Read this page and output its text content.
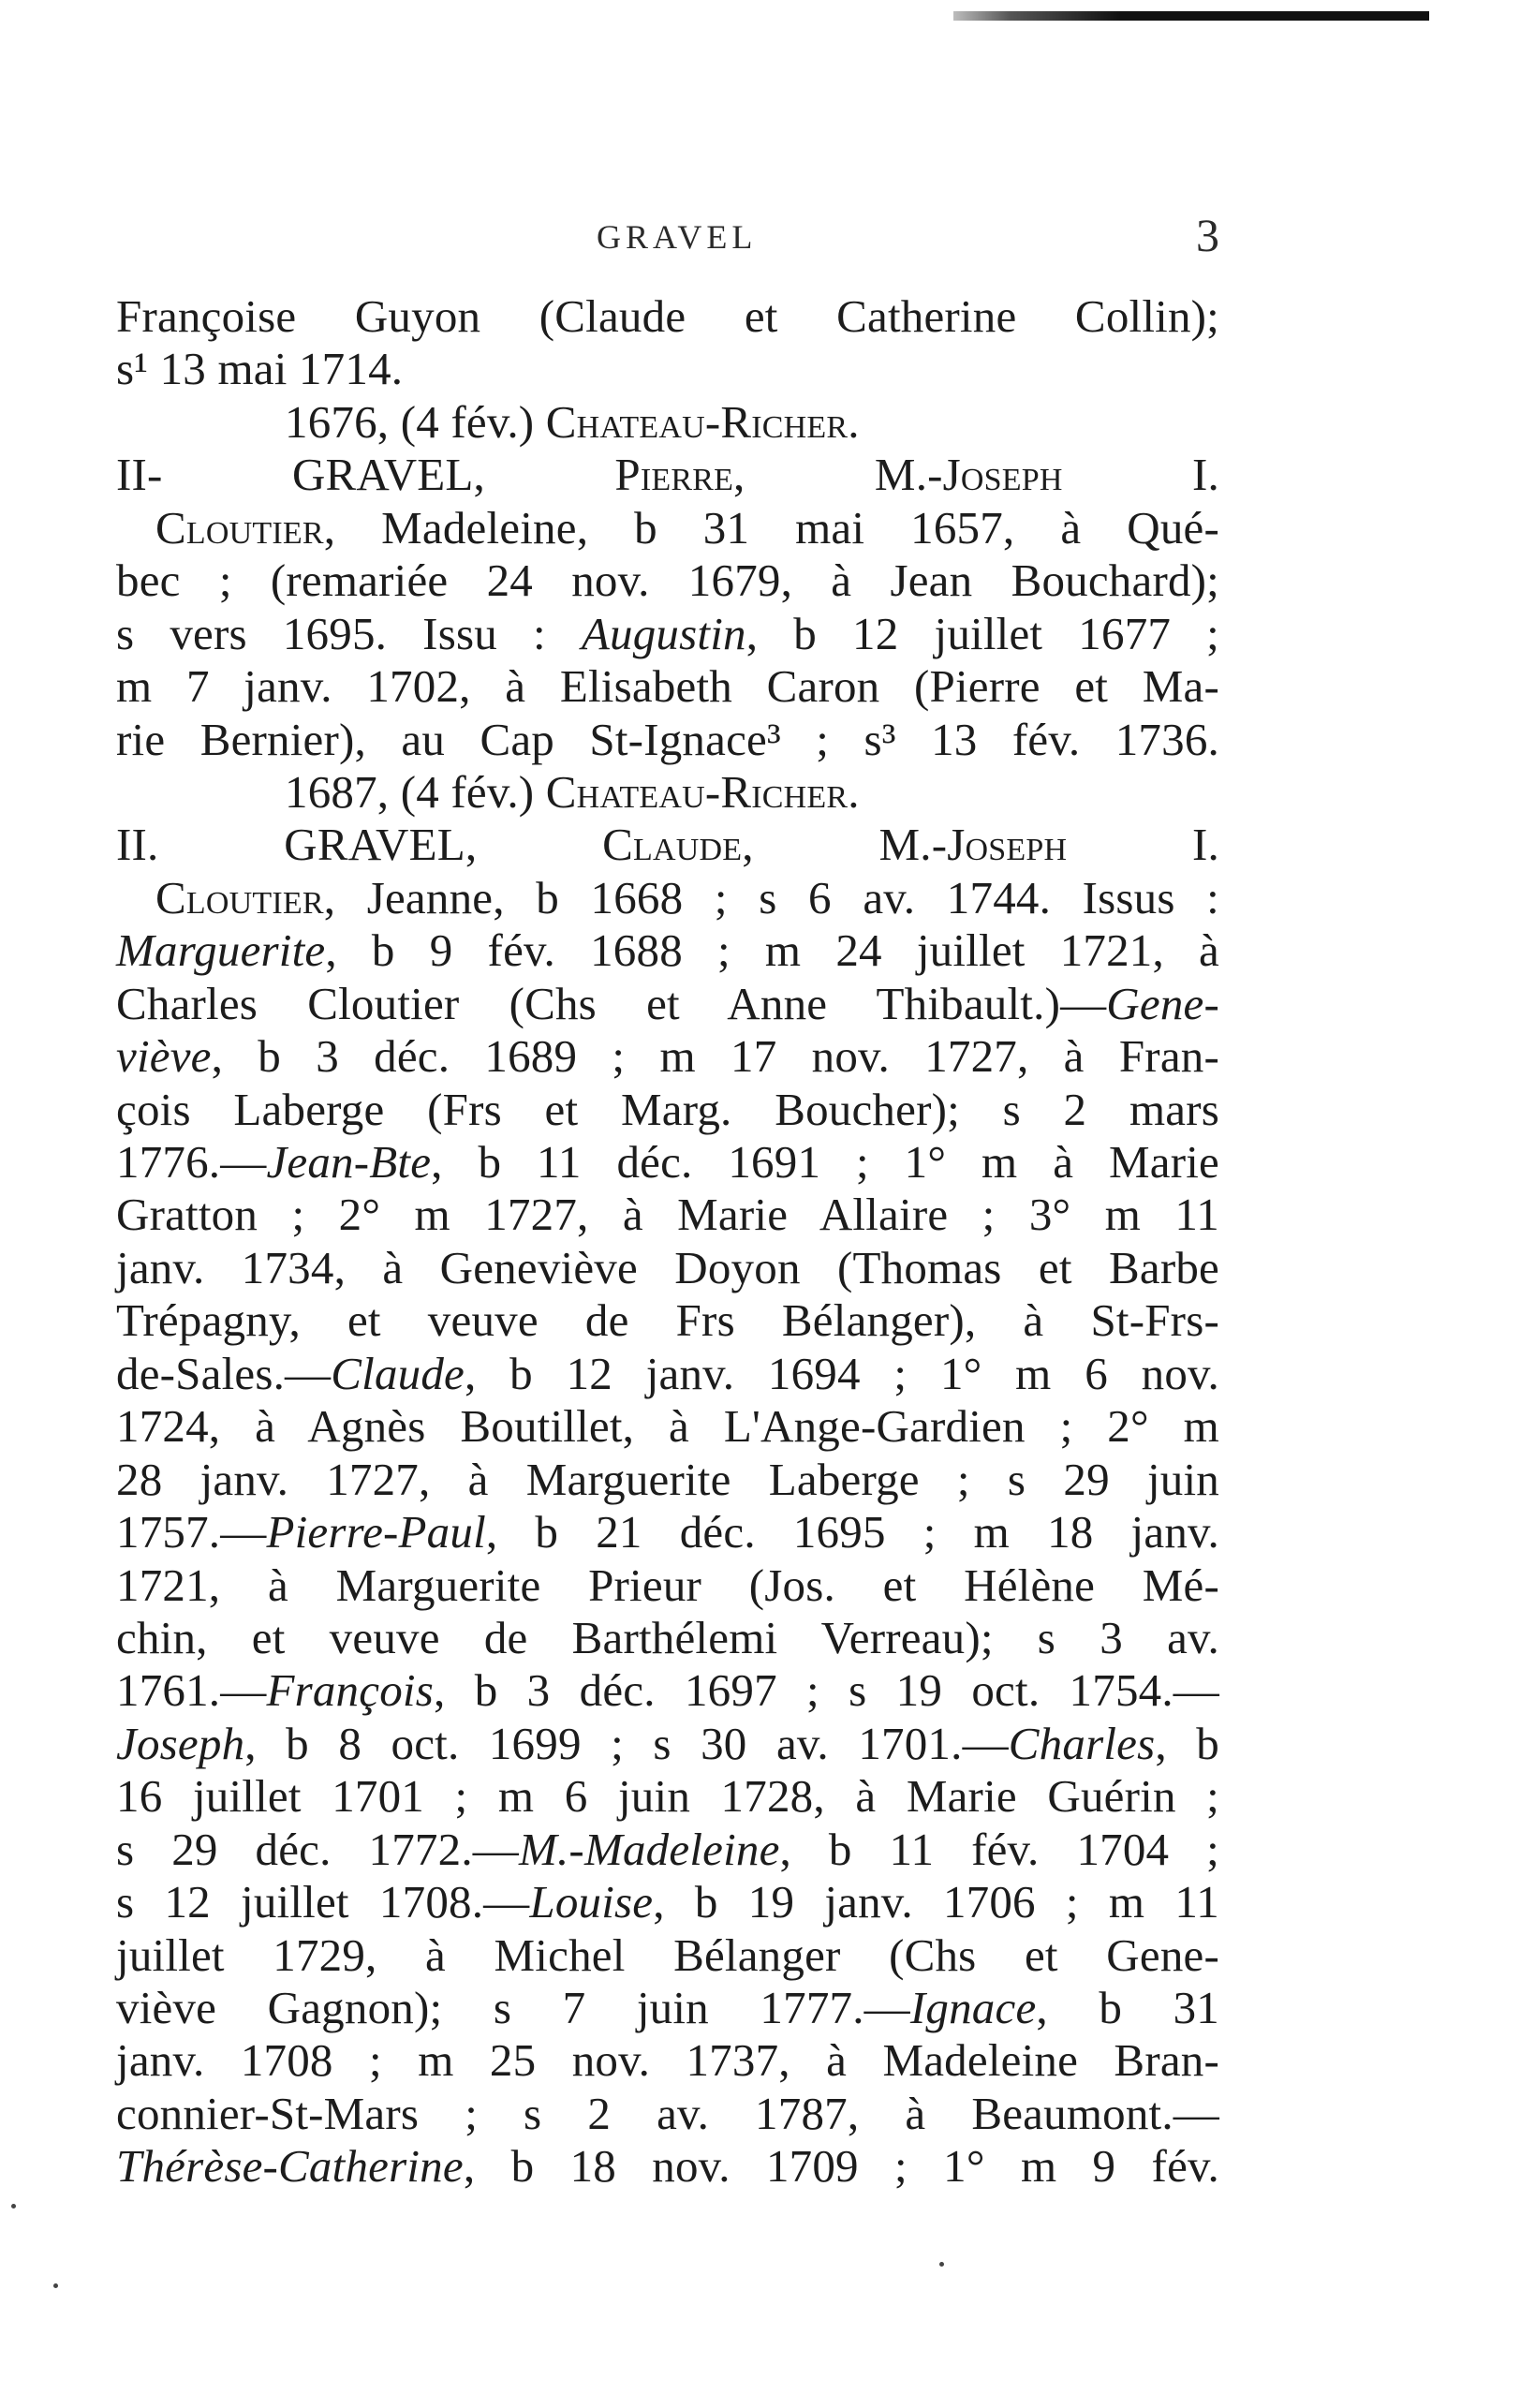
GRAVEL	3
Françoise Guyon (Claude et Catherine Collin);
s¹ 13 mai 1714.
1676, (4 fév.) Chateau-Richer.
II- GRAVEL, Pierre,	M.-Joseph I.
Cloutier, Madeleine, b 31 mai 1657, à Qué-
bec ; (remariée 24 nov. 1679, à Jean Bouchard);
s vers 1695. Issu : Augustin, b 12 juillet 1677 ;
m 7 janv. 1702, à Elisabeth Caron (Pierre et Ma-
rie Bernier), au Cap St-Ignace³ ; s³ 13 fév. 1736.
1687, (4 fév.) Chateau-Richer.
II. GRAVEL, Claude,	M.-Joseph I.
Cloutier, Jeanne, b 1668 ; s 6 av. 1744. Issus :
Marguerite, b 9 fév. 1688 ; m 24 juillet 1721, à
Charles Cloutier (Chs et Anne Thibault.)—Gene-
viève, b 3 déc. 1689 ; m 17 nov. 1727, à Fran-
çois Laberge (Frs et Marg. Boucher); s 2 mars
1776.—Jean-Bte, b 11 déc. 1691 ; 1° m à Marie
Gratton ; 2° m 1727, à Marie Allaire ; 3° m 11
janv. 1734, à Geneviève Doyon (Thomas et Barbe
Trépagny, et veuve de Frs Bélanger), à St-Frs-
de-Sales.—Claude, b 12 janv. 1694 ; 1° m 6 nov.
1724, à Agnès Boutillet, à L'Ange-Gardien ; 2° m
28 janv. 1727, à Marguerite Laberge ; s 29 juin
1757.—Pierre-Paul, b 21 déc. 1695 ; m 18 janv.
1721, à Marguerite Prieur (Jos. et Hélène Mé-
chin, et veuve de Barthélemi Verreau); s 3 av.
1761.—François, b 3 déc. 1697 ; s 19 oct. 1754.—
Joseph, b 8 oct. 1699 ; s 30 av. 1701.—Charles, b
16 juillet 1701 ; m 6 juin 1728, à Marie Guérin ;
s 29 déc. 1772.—M.-Madeleine, b 11 fév. 1704 ;
s 12 juillet 1708.—Louise, b 19 janv. 1706 ; m 11
juillet 1729, à Michel Bélanger (Chs et Gene-
viève Gagnon); s 7 juin 1777.—Ignace, b 31
janv. 1708 ; m 25 nov. 1737, à Madeleine Bran-
connier-St-Mars ; s 2 av. 1787, à Beaumont.—
Thérèse-Catherine, b 18 nov. 1709 ; 1° m 9 fév.
